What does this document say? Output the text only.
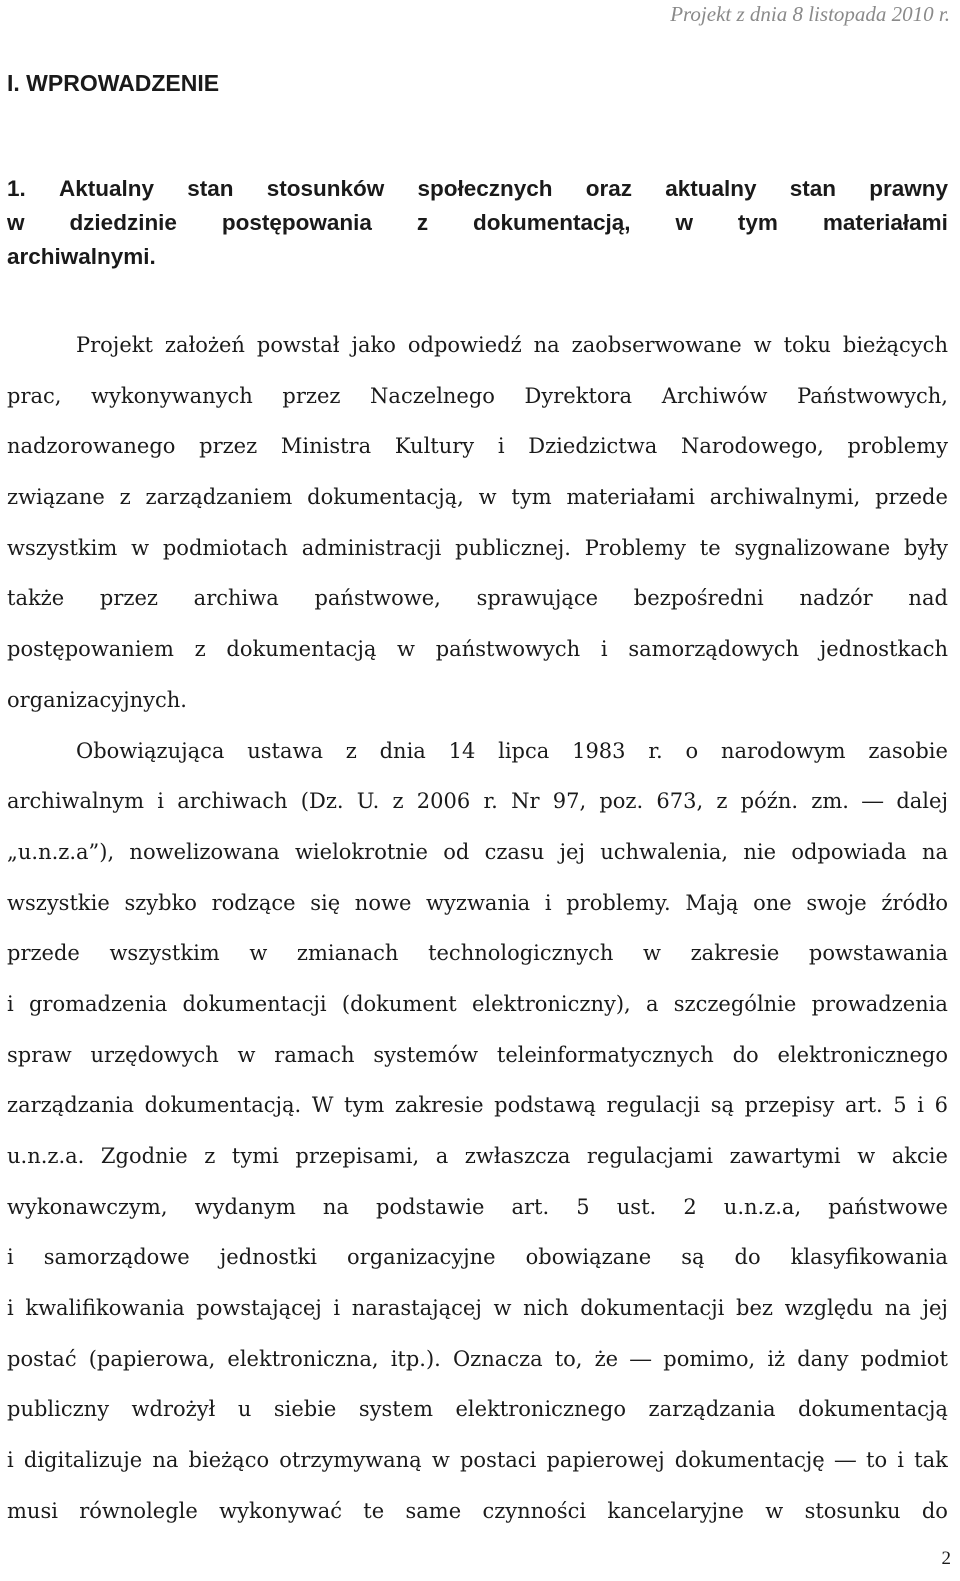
Projekt z dnia 8 listopada 2010 r.
I. WPROWADZENIE
1. Aktualny stan stosunków społecznych oraz aktualny stan prawny
w dziedzinie postępowania z dokumentacją, w tym materiałami
archiwalnymi.
Projekt założeń powstał jako odpowiedź na zaobserwowane w toku bieżących
prac, wykonywanych przez Naczelnego Dyrektora Archiwów Państwowych,
nadzorowanego przez Ministra Kultury i Dziedzictwa Narodowego, problemy
związane z zarządzaniem dokumentacją, w tym materiałami archiwalnymi, przede
wszystkim w podmiotach administracji publicznej. Problemy te sygnalizowane były
także przez archiwa państwowe, sprawujące bezpośredni nadzór nad
postępowaniem z dokumentacją w państwowych i samorządowych jednostkach
organizacyjnych.
Obowiązująca ustawa z dnia 14 lipca 1983 r. o narodowym zasobie
archiwalnym i archiwach (Dz. U. z 2006 r. Nr 97, poz. 673, z późn. zm. ― dalej
„u.n.z.a”), nowelizowana wielokrotnie od czasu jej uchwalenia, nie odpowiada na
wszystkie szybko rodzące się nowe wyzwania i problemy. Mają one swoje źródło
przede wszystkim w zmianach technologicznych w zakresie powstawania
i gromadzenia dokumentacji (dokument elektroniczny), a szczególnie prowadzenia
spraw urzędowych w ramach systemów teleinformatycznych do elektronicznego
zarządzania dokumentacją. W tym zakresie podstawą regulacji są przepisy art. 5 i 6
u.n.z.a. Zgodnie z tymi przepisami, a zwłaszcza regulacjami zawartymi w akcie
wykonawczym, wydanym na podstawie art. 5 ust. 2 u.n.z.a, państwowe
i samorządowe jednostki organizacyjne obowiązane są do klasyfikowania
i kwalifikowania powstającej i narastającej w nich dokumentacji bez względu na jej
postać (papierowa, elektroniczna, itp.). Oznacza to, że ― pomimo, iż dany podmiot
publiczny wdrożył u siebie system elektronicznego zarządzania dokumentacją
i digitalizuje na bieżąco otrzymywaną w postaci papierowej dokumentację ― to i tak
musi równolegle wykonywać te same czynności kancelaryjne w stosunku do
2
